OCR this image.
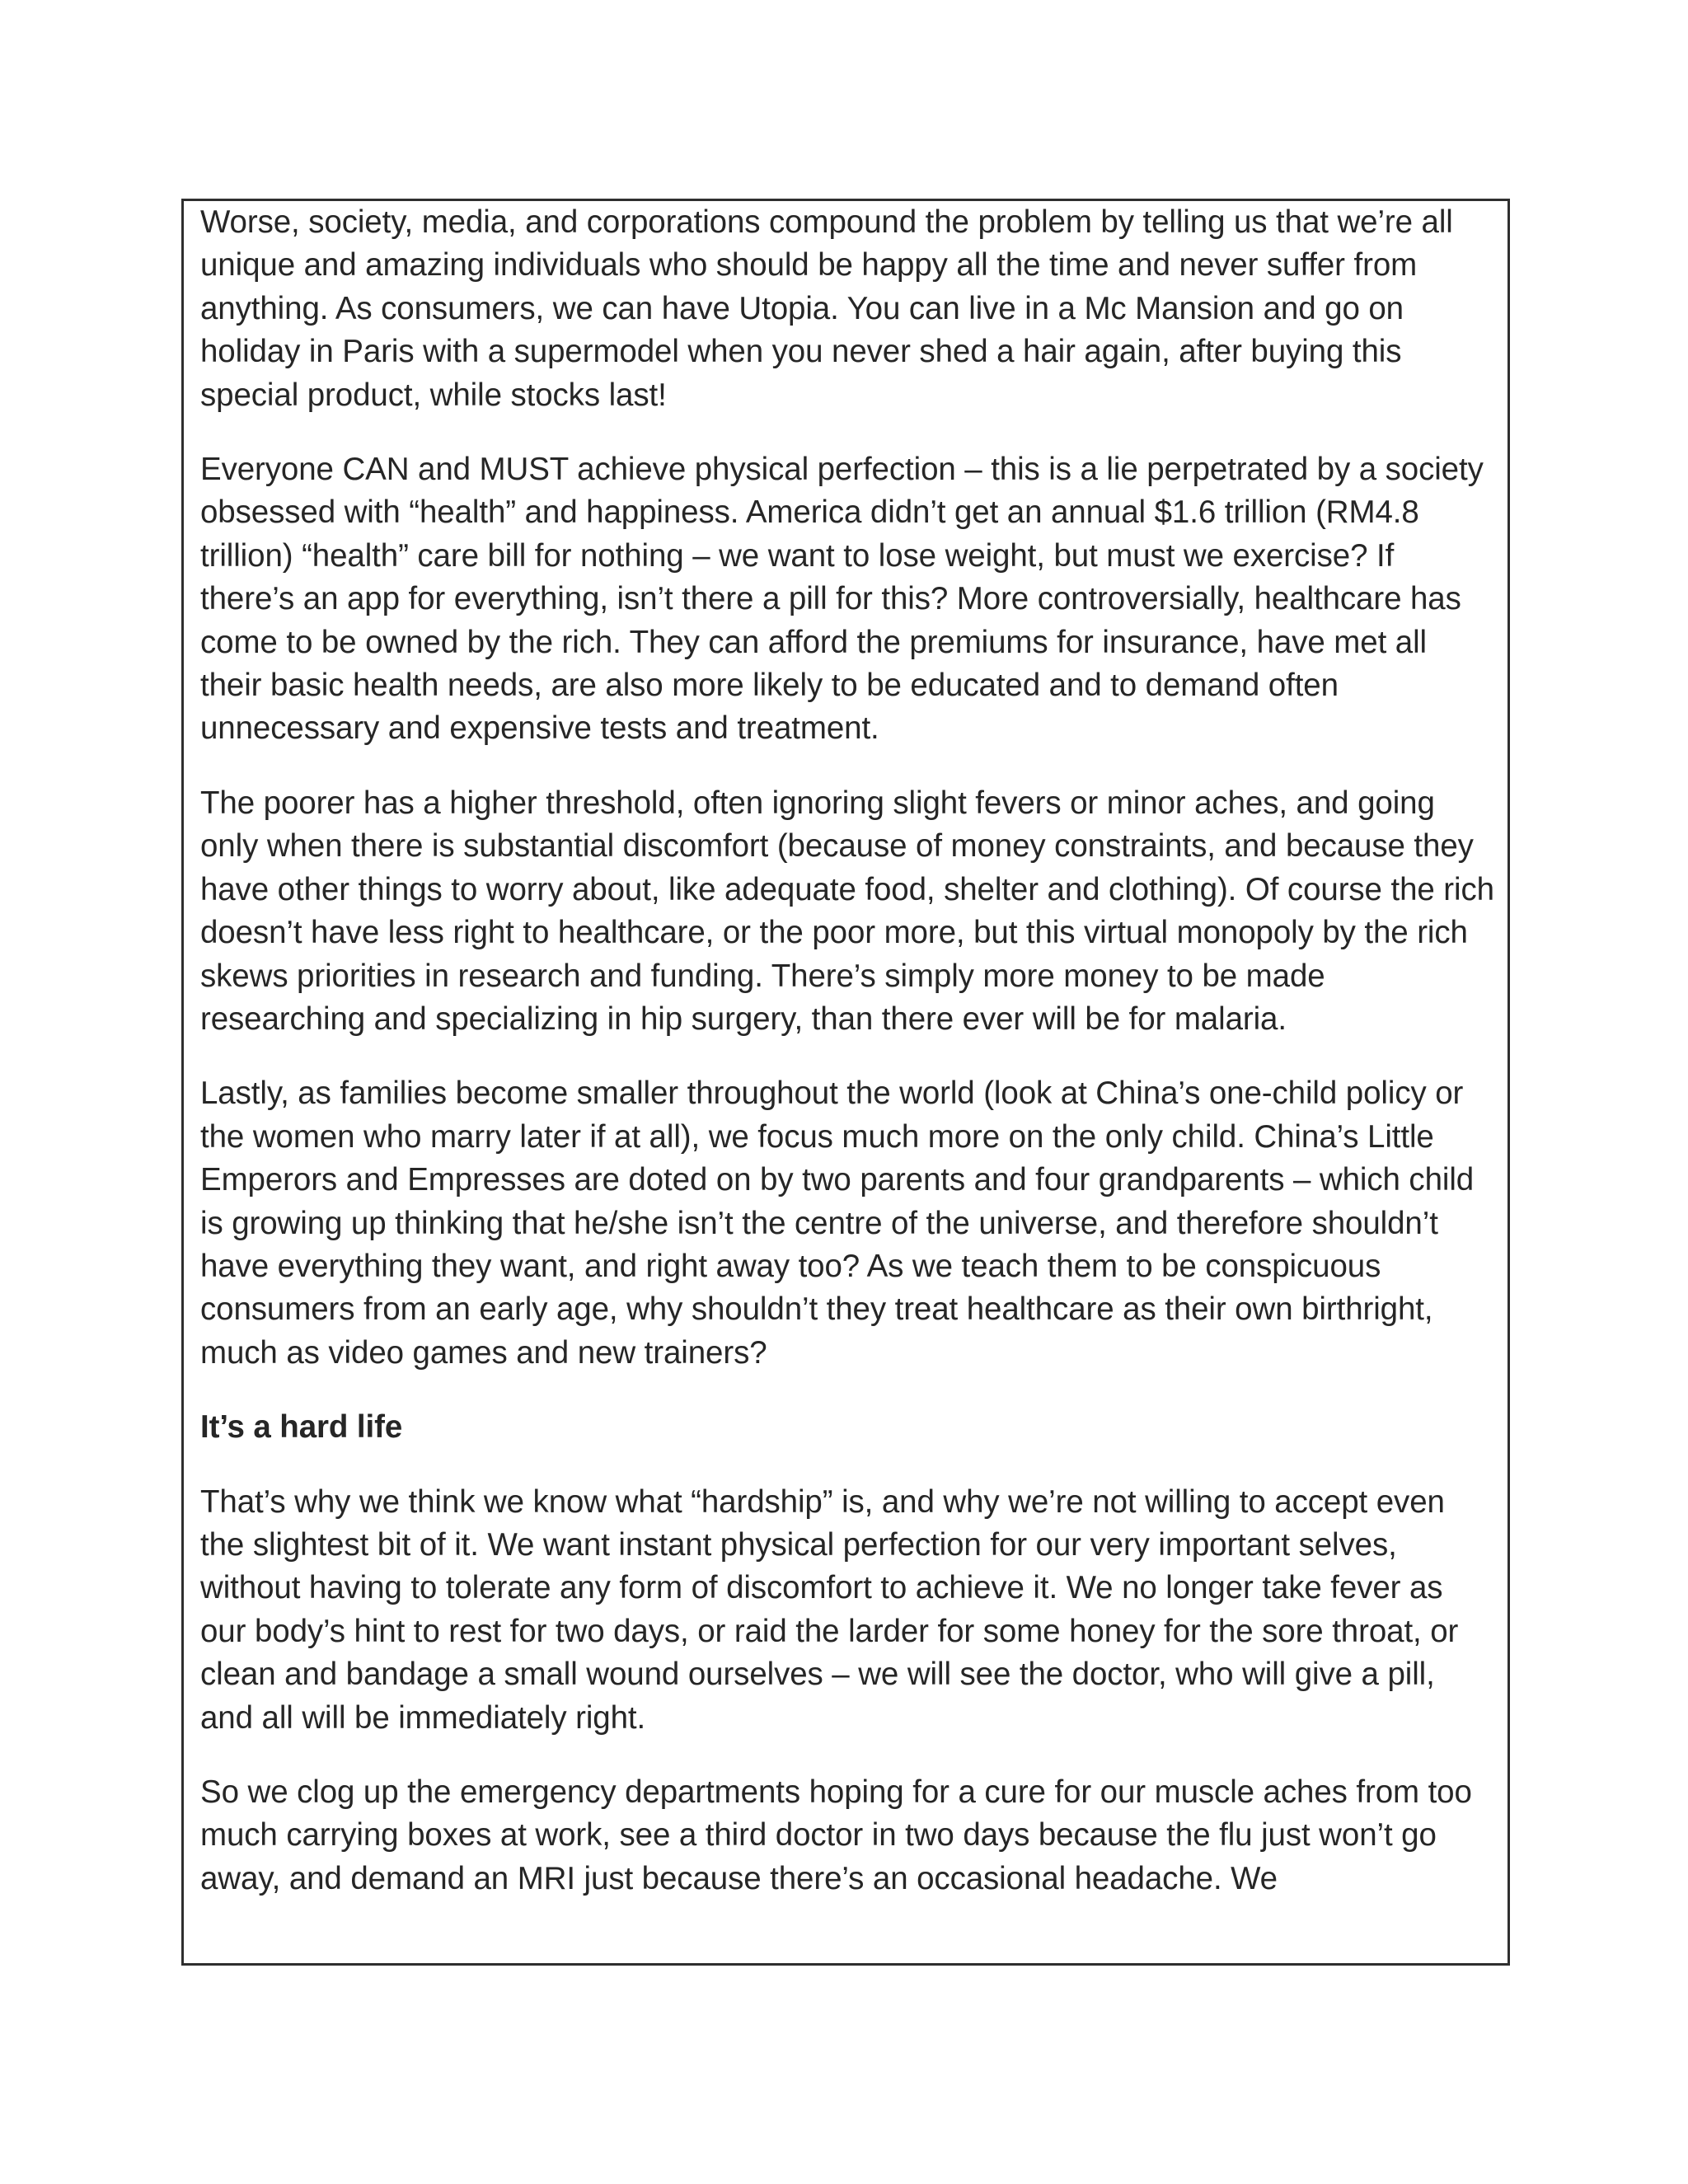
Worse, society, media, and corporations compound the problem by telling us that we’re all unique and amazing individuals who should be happy all the time and never suffer from anything. As consumers, we can have Utopia. You can live in a Mc Mansion and go on holiday in Paris with a supermodel when you never shed a hair again, after buying this special product, while stocks last!

Everyone CAN and MUST achieve physical perfection – this is a lie perpetrated by a society obsessed with “health” and happiness. America didn’t get an annual $1.6 trillion (RM4.8 trillion) “health” care bill for nothing – we want to lose weight, but must we exercise? If there’s an app for everything, isn’t there a pill for this? More controversially, healthcare has come to be owned by the rich. They can afford the premiums for insurance, have met all their basic health needs, are also more likely to be educated and to demand often unnecessary and expensive tests and treatment.

The poorer has a higher threshold, often ignoring slight fevers or minor aches, and going only when there is substantial discomfort (because of money constraints, and because they have other things to worry about, like adequate food, shelter and clothing). Of course the rich doesn’t have less right to healthcare, or the poor more, but this virtual monopoly by the rich skews priorities in research and funding. There’s simply more money to be made researching and specializing in hip surgery, than there ever will be for malaria.

Lastly, as families become smaller throughout the world (look at China’s one-child policy or the women who marry later if at all), we focus much more on the only child. China’s Little Emperors and Empresses are doted on by two parents and four grandparents – which child is growing up thinking that he/she isn’t the centre of the universe, and therefore shouldn’t have everything they want, and right away too? As we teach them to be conspicuous consumers from an early age, why shouldn’t they treat healthcare as their own birthright, much as video games and new trainers?

It’s a hard life

That’s why we think we know what “hardship” is, and why we’re not willing to accept even the slightest bit of it. We want instant physical perfection for our very important selves, without having to tolerate any form of discomfort to achieve it. We no longer take fever as our body’s hint to rest for two days, or raid the larder for some honey for the sore throat, or clean and bandage a small wound ourselves – we will see the doctor, who will give a pill, and all will be immediately right.

So we clog up the emergency departments hoping for a cure for our muscle aches from too much carrying boxes at work, see a third doctor in two days because the flu just won’t go away, and demand an MRI just because there’s an occasional headache. We
